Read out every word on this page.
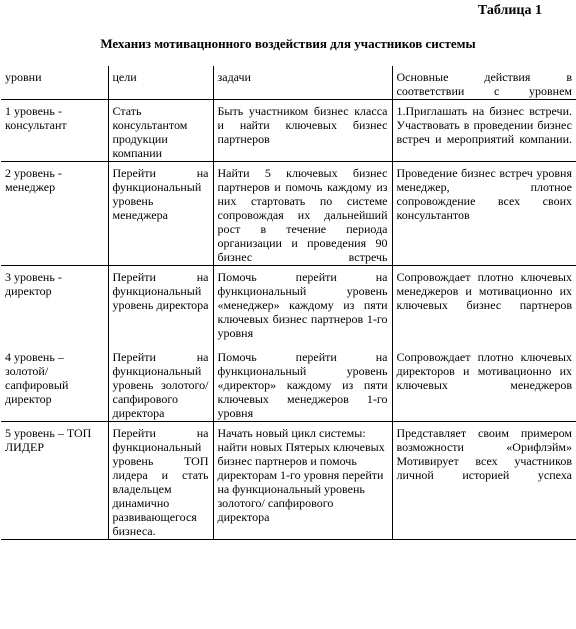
Таблица 1
Механиз мотивацнонного воздействия для участников системы
уровни	цели	задачи	Основные действия в соответствии с уровнем
1 уровень - консультант	Стать консультантом продукции компании	Быть участником бизнес класса и найти ключевых бизнес партнеров	1.Приглашать на бизнес встречи. Участвовать в проведении бизнес встреч и мероприятий компании.
2 уровень - менеджер	Перейти на функциональный уровень менеджера	Найти 5 ключевых бизнес партнеров и помочь каждому из них стартовать по системе сопровождая их дальнейший рост в течение периода организации и проведения 90 бизнес встречь	Проведение бизнес встреч уровня менеджер, плотное сопровождение всех своих консультантов
3 уровень - директор	Перейти на функциональный уровень директора	Помочь перейти на функциональный уровень «менеджер» каждому из пяти ключевых бизнес партнеров 1-го уровня	Сопровождает плотно ключевых менеджеров и мотивационно их ключевых бизнес партнеров
4 уровень – золотой/сапфировый директор	Перейти на функциональный уровень золотого/сапфирового директора	Помочь перейти на функциональный уровень «директор» каждому из пяти ключевых менеджеров 1-го уровня	Сопровождает плотно ключевых директоров и мотивационно их ключевых менеджеров
5 уровень – ТОП ЛИДЕР	Перейти на функциональный уровень ТОП лидера и стать владельцем динамично развивающегося бизнеса.	Начать новый цикл системы: найти новых Пятерых ключевых бизнес партнеров и помочь директорам 1-го уровня перейти на функциональный уровень золотого/ сапфирового директора	Представляет своим примером возможности «Орифлэйм» Мотивирует всех участников личной историей успеха
